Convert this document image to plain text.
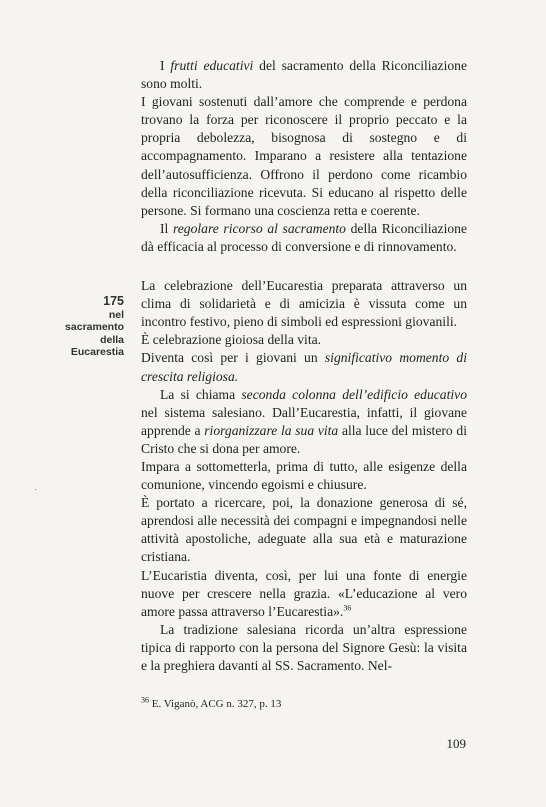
I frutti educativi del sacramento della Riconciliazione sono molti.

I giovani sostenuti dall’amore che comprende e perdona trovano la forza per riconoscere il proprio peccato e la propria debolezza, bisognosa di sostegno e di accompagnamento. Imparano a resistere alla tentazione dell’autosufficienza. Offrono il perdono come ricambio della riconciliazione ricevuta. Si educano al rispetto delle persone. Si formano una coscienza retta e coerente.

Il regolare ricorso al sacramento della Riconciliazione dà efficacia al processo di conversione e di rinnovamento.

La celebrazione dell’Eucarestia preparata attraverso un clima di solidarietà e di amicizia è vissuta come un incontro festivo, pieno di simboli ed espressioni giovanili.

È celebrazione gioiosa della vita.

Diventa così per i giovani un significativo momento di crescita religiosa.

La si chiama seconda colonna dell’edificio educativo nel sistema salesiano. Dall’Eucarestia, infatti, il giovane apprende a riorganizzare la sua vita alla luce del mistero di Cristo che si dona per amore.

Impara a sottometterla, prima di tutto, alle esigenze della comunione, vincendo egoismi e chiusure.

È portato a ricercare, poi, la donazione generosa di sé, aprendosi alle necessità dei compagni e impegnandosi nelle attività apostoliche, adeguate alla sua età e maturazione cristiana.

L’Eucaristia diventa, così, per lui una fonte di energie nuove per crescere nella grazia. «L’educazione al vero amore passa attraverso l’Eucarestia».$^{36}$

La tradizione salesiana ricorda un’altra espressione tipica di rapporto con la persona del Signore Gesù: la visita e la preghiera davanti al SS. Sacramento. Nel-

175
nel
sacramento
della
Eucarestia
$^{36}$ E. Viganò, ACG n. 327, p. 13
109
·
